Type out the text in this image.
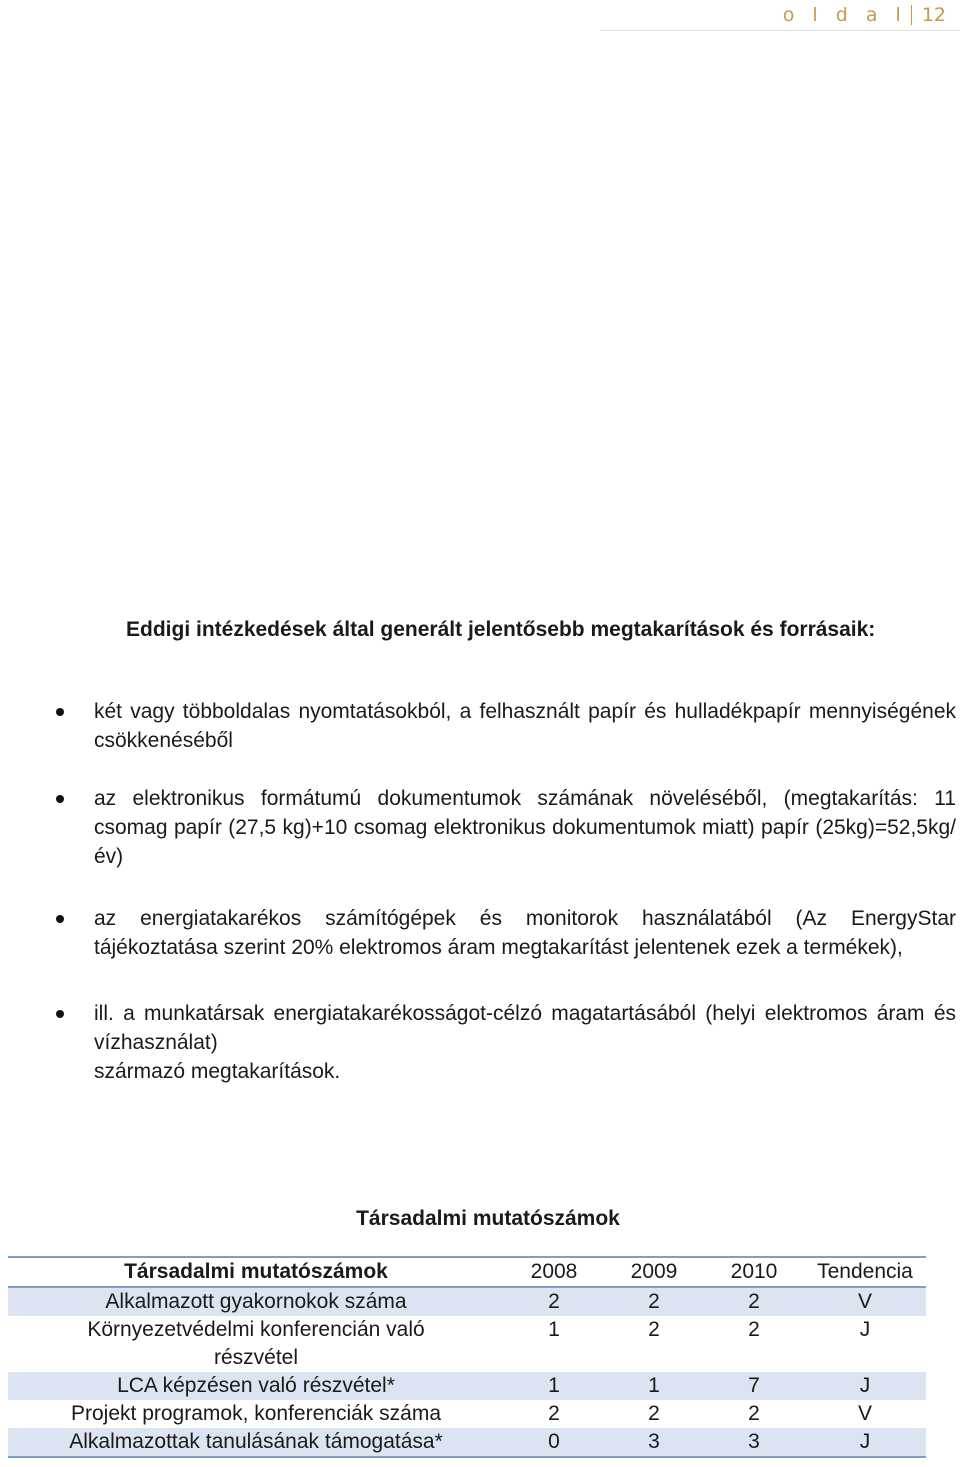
o l d a l 12
Eddigi intézkedések által generált jelentősebb megtakarítások és forrásaik:
két vagy többoldalas nyomtatásokból, a felhasznált papír és hulladékpapír mennyiségének csökkenéséből
az elektronikus formátumú dokumentumok számának növeléséből, (megtakarítás: 11 csomag papír (27,5 kg)+10 csomag elektronikus dokumentumok miatt) papír (25kg)=52,5kg/év)
az energiatakarékos számítógépek és monitorok használatából (Az EnergyStar tájékoztatása szerint 20% elektromos áram megtakarítást jelentenek ezek a termékek),
ill. a munkatársak energiatakarékosságot-célzó magatartásából (helyi elektromos áram és vízhasználat)
származó megtakarítások.
Társadalmi mutatószámok
Társadalmi mutatószámok	2008	2009	2010	Tendencia
Alkalmazott gyakornokok száma	2	2	2	V
Környezetvédelmi konferencián való részvétel	1	2	2	J
LCA képzésen való részvétel*	1	1	7	J
Projekt programok, konferenciák száma	2	2	2	V
Alkalmazottak tanulásának támogatása*	0	3	3	J
